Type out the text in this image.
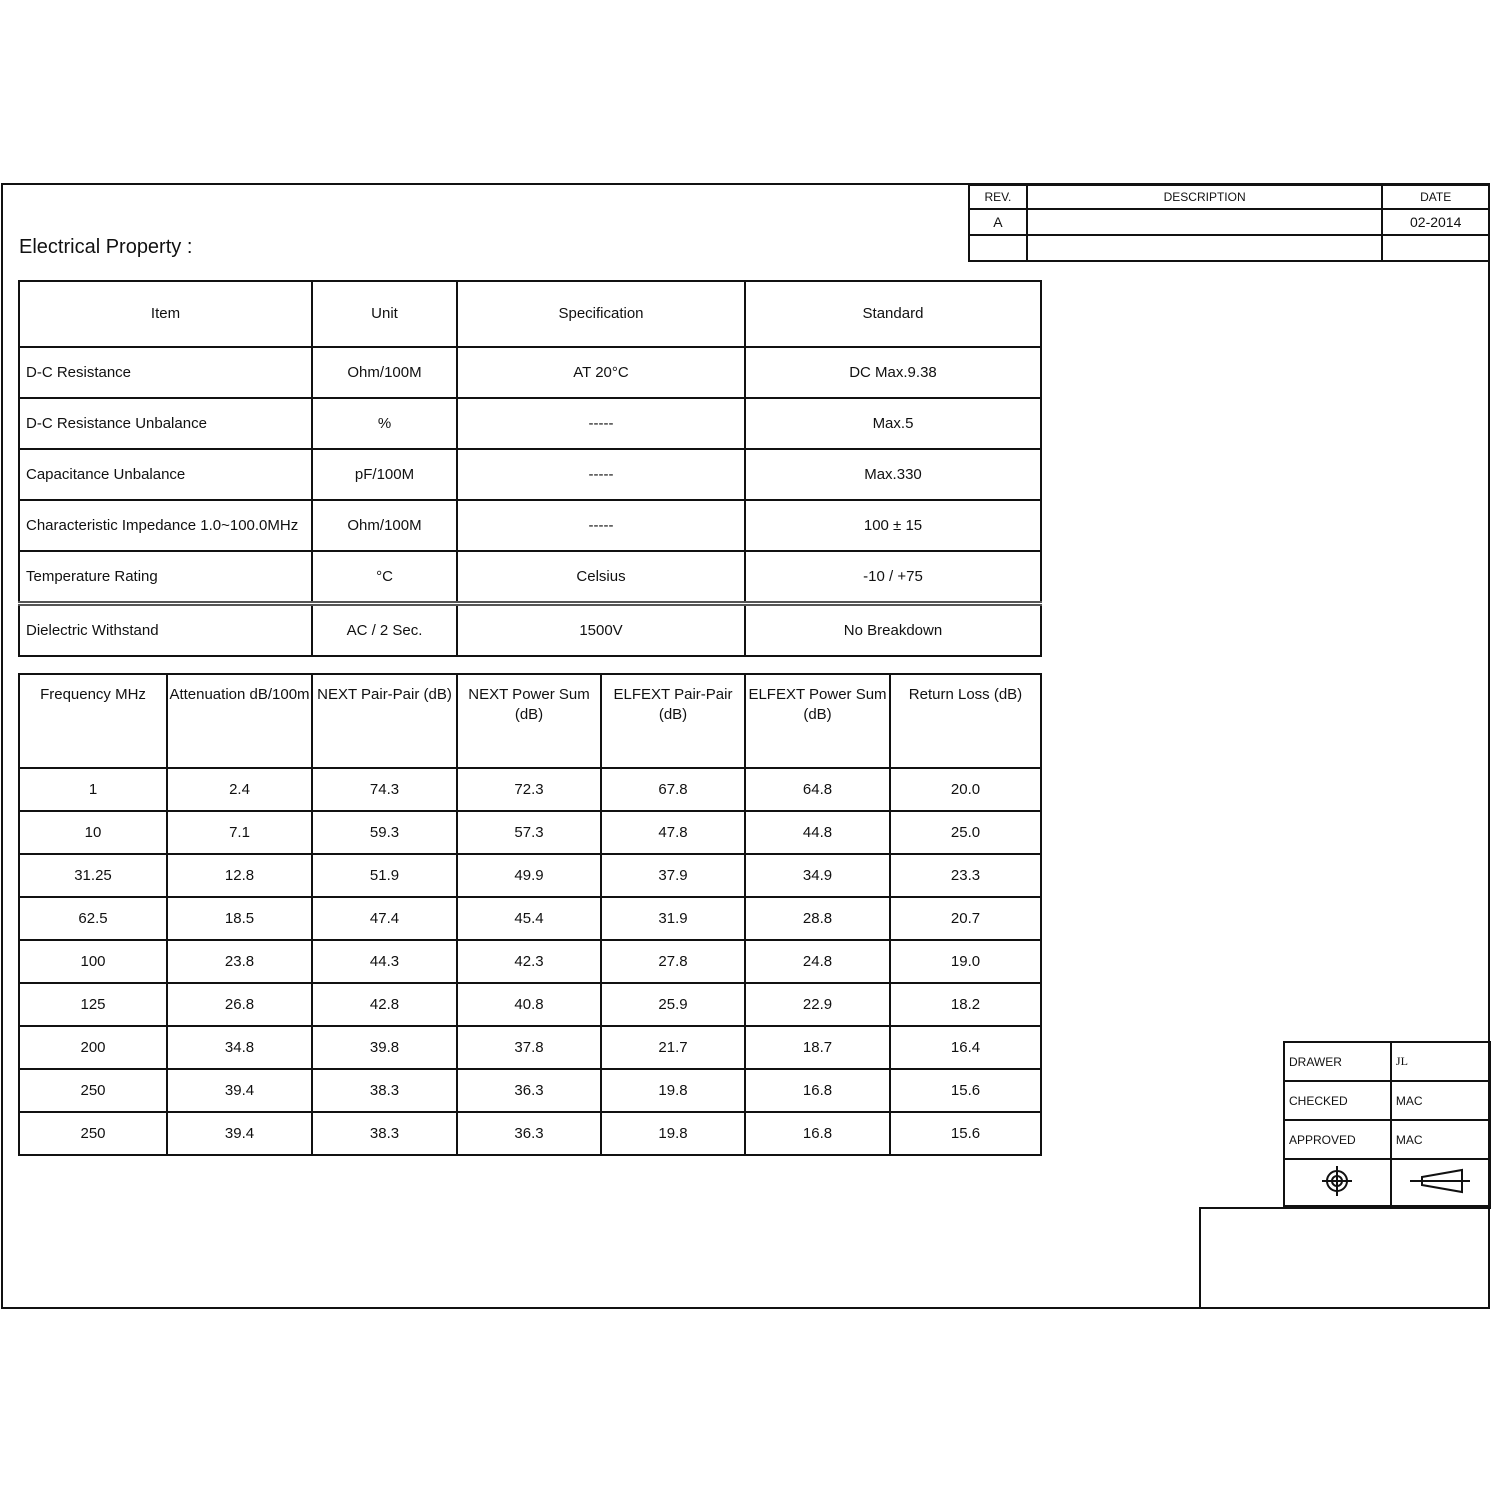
Electrical Property :
REV.	DESCRIPTION	DATE
A		02-2014

Item	Unit	Specification	Standard
D-C Resistance	Ohm/100M	AT 20°C	DC Max.9.38
D-C Resistance Unbalance	%	-----	Max.5
Capacitance Unbalance	pF/100M	-----	Max.330
Characteristic Impedance 1.0~100.0MHz	Ohm/100M	-----	100 ± 15
Temperature Rating	°C	Celsius	-10 / +75
Dielectric Withstand	AC / 2 Sec.	1500V	No Breakdown
Frequency MHz	Attenuation dB/100m	NEXT Pair-Pair (dB)	NEXT Power Sum (dB)	ELFEXT Pair-Pair (dB)	ELFEXT Power Sum (dB)	Return Loss (dB)
1	2.4	74.3	72.3	67.8	64.8	20.0
10	7.1	59.3	57.3	47.8	44.8	25.0
31.25	12.8	51.9	49.9	37.9	34.9	23.3
62.5	18.5	47.4	45.4	31.9	28.8	20.7
100	23.8	44.3	42.3	27.8	24.8	19.0
125	26.8	42.8	40.8	25.9	22.9	18.2
200	34.8	39.8	37.8	21.7	18.7	16.4
250	39.4	38.3	36.3	19.8	16.8	15.6
250	39.4	38.3	36.3	19.8	16.8	15.6
DRAWER	JL
CHECKED	MAC
APPROVED	MAC
